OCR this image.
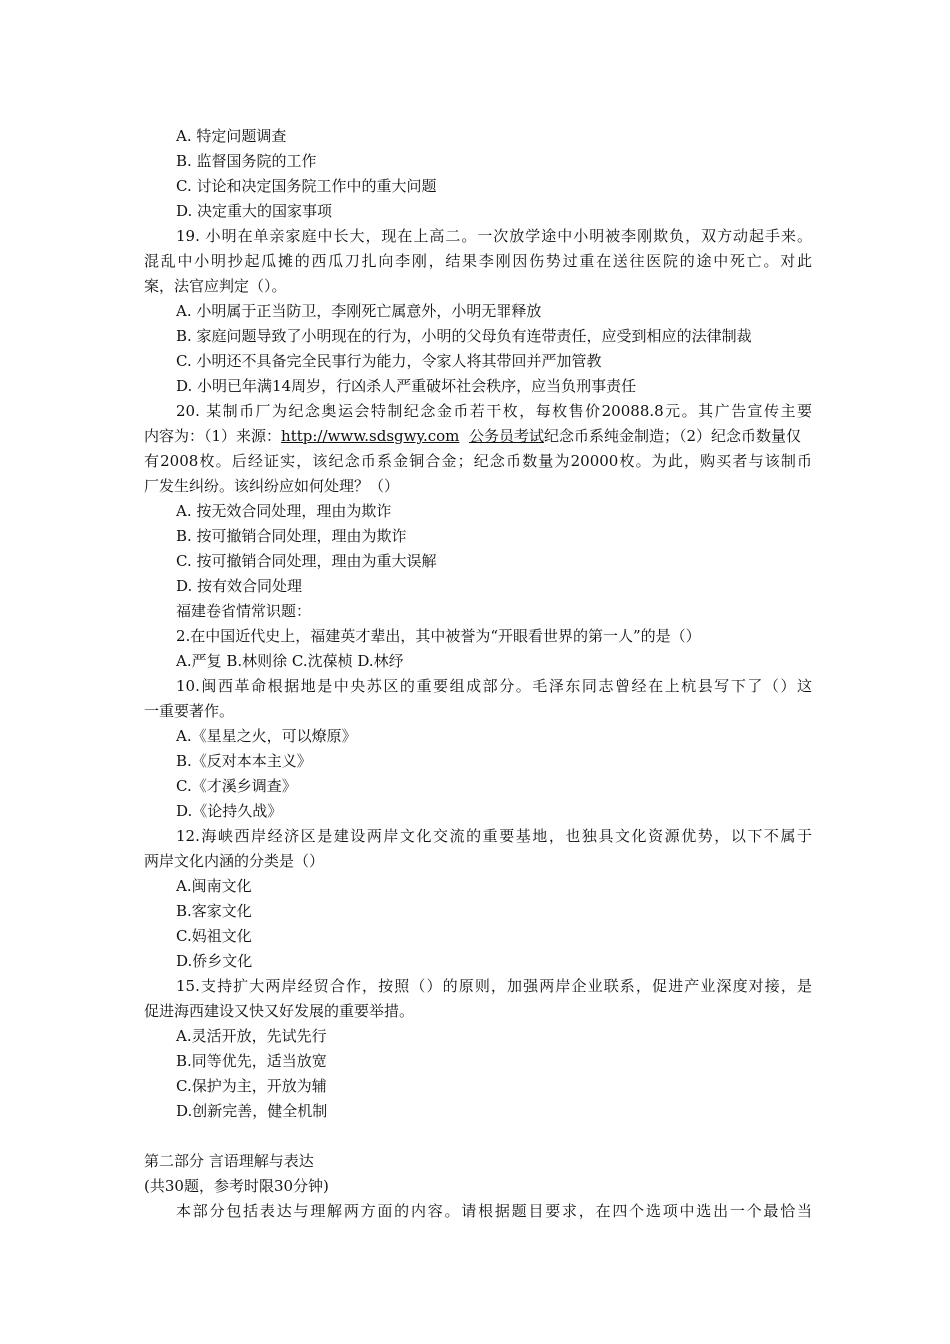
A. 特定问题调查
B. 监督国务院的工作
C. 讨论和决定国务院工作中的重大问题
D. 决定重大的国家事项
19. 小明在单亲家庭中长大，现在上高二。一次放学途中小明被李刚欺负，双方动起手来。
混乱中小明抄起瓜摊的西瓜刀扎向李刚，结果李刚因伤势过重在送往医院的途中死亡。对此
案，法官应判定（）。
A. 小明属于正当防卫，李刚死亡属意外，小明无罪释放
B. 家庭问题导致了小明现在的行为，小明的父母负有连带责任，应受到相应的法律制裁
C. 小明还不具备完全民事行为能力，令家人将其带回并严加管教
D. 小明已年满14周岁，行凶杀人严重破坏社会秩序，应当负刑事责任
20. 某制币厂为纪念奥运会特制纪念金币若干枚，每枚售价20088.8元。其广告宣传主要
内容为：（1）来源：http://www.sdsgwy.com 公务员考试纪念币系纯金制造；（2）纪念币数量仅
有2008枚。后经证实，该纪念币系金铜合金；纪念币数量为20000枚。为此，购买者与该制币
厂发生纠纷。该纠纷应如何处理？（）
A. 按无效合同处理，理由为欺诈
B. 按可撤销合同处理，理由为欺诈
C. 按可撤销合同处理，理由为重大误解
D. 按有效合同处理
福建卷省情常识题：
2.在中国近代史上，福建英才辈出，其中被誉为“开眼看世界的第一人”的是（）
A.严复 B.林则徐 C.沈葆桢 D.林纾
10.闽西革命根据地是中央苏区的重要组成部分。毛泽东同志曾经在上杭县写下了（）这
一重要著作。
A.《星星之火，可以燎原》
B.《反对本本主义》
C.《才溪乡调查》
D.《论持久战》
12.海峡西岸经济区是建设两岸文化交流的重要基地，也独具文化资源优势，以下不属于
两岸文化内涵的分类是（）
A.闽南文化
B.客家文化
C.妈祖文化
D.侨乡文化
15.支持扩大两岸经贸合作，按照（）的原则，加强两岸企业联系，促进产业深度对接，是
促进海西建设又快又好发展的重要举措。
A.灵活开放，先试先行
B.同等优先，适当放宽
C.保护为主，开放为辅
D.创新完善，健全机制
第二部分 言语理解与表达
(共30题，参考时限30分钟)
本部分包括表达与理解两方面的内容。请根据题目要求，在四个选项中选出一个最恰当
